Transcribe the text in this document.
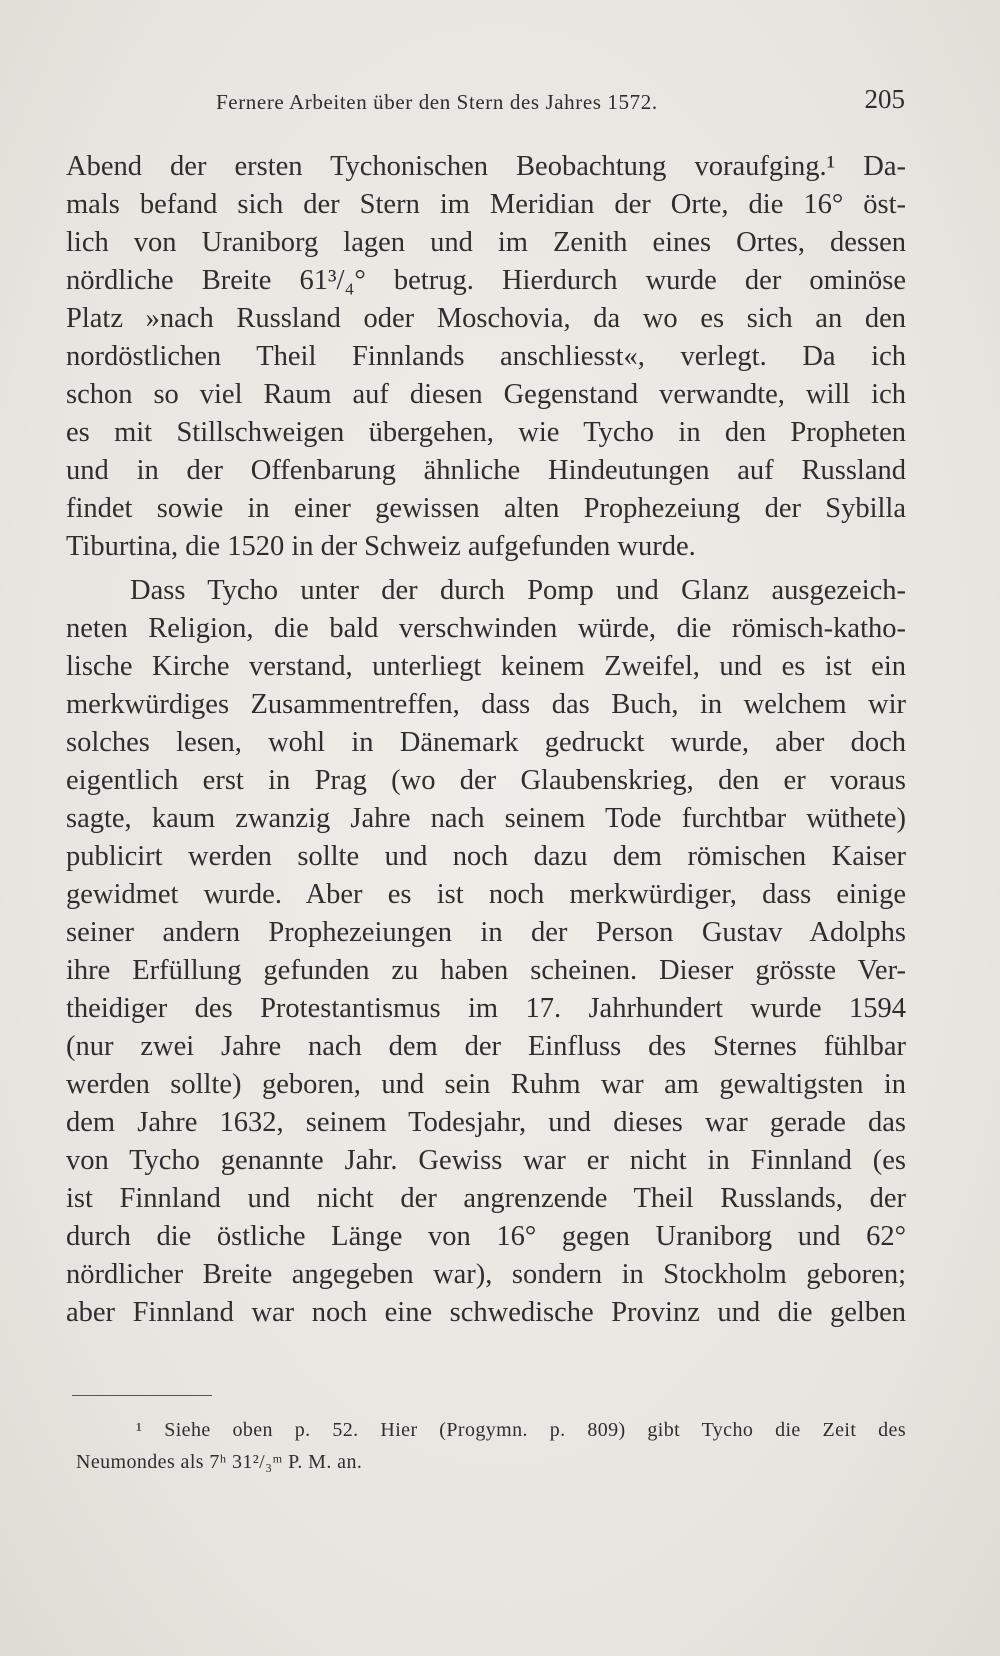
Fernere Arbeiten über den Stern des Jahres 1572.	205
Abend der ersten Tychonischen Beobachtung voraufging.¹ Da-
mals befand sich der Stern im Meridian der Orte, die 16° öst-
lich von Uraniborg lagen und im Zenith eines Ortes, dessen
nördliche Breite 61³/₄° betrug. Hierdurch wurde der ominöse
Platz »nach Russland oder Moschovia, da wo es sich an den
nordöstlichen Theil Finnlands anschliesst«, verlegt. Da ich
schon so viel Raum auf diesen Gegenstand verwandte, will ich
es mit Stillschweigen übergehen, wie Tycho in den Propheten
und in der Offenbarung ähnliche Hindeutungen auf Russland
findet sowie in einer gewissen alten Prophezeiung der Sybilla
Tiburtina, die 1520 in der Schweiz aufgefunden wurde.
Dass Tycho unter der durch Pomp und Glanz ausgezeich-
neten Religion, die bald verschwinden würde, die römisch-katho-
lische Kirche verstand, unterliegt keinem Zweifel, und es ist ein
merkwürdiges Zusammentreffen, dass das Buch, in welchem wir
solches lesen, wohl in Dänemark gedruckt wurde, aber doch
eigentlich erst in Prag (wo der Glaubenskrieg, den er voraus
sagte, kaum zwanzig Jahre nach seinem Tode furchtbar wüthete)
publicirt werden sollte und noch dazu dem römischen Kaiser
gewidmet wurde. Aber es ist noch merkwürdiger, dass einige
seiner andern Prophezeiungen in der Person Gustav Adolphs
ihre Erfüllung gefunden zu haben scheinen. Dieser grösste Ver-
theidiger des Protestantismus im 17. Jahrhundert wurde 1594
(nur zwei Jahre nach dem der Einfluss des Sternes fühlbar
werden sollte) geboren, und sein Ruhm war am gewaltigsten in
dem Jahre 1632, seinem Todesjahr, und dieses war gerade das
von Tycho genannte Jahr. Gewiss war er nicht in Finnland (es
ist Finnland und nicht der angrenzende Theil Russlands, der
durch die östliche Länge von 16° gegen Uraniborg und 62°
nördlicher Breite angegeben war), sondern in Stockholm geboren;
aber Finnland war noch eine schwedische Provinz und die gelben
¹ Siehe oben p. 52. Hier (Progymn. p. 809) gibt Tycho die Zeit des
Neumondes als 7ʰ 31²/₃ᵐ P. M. an.
